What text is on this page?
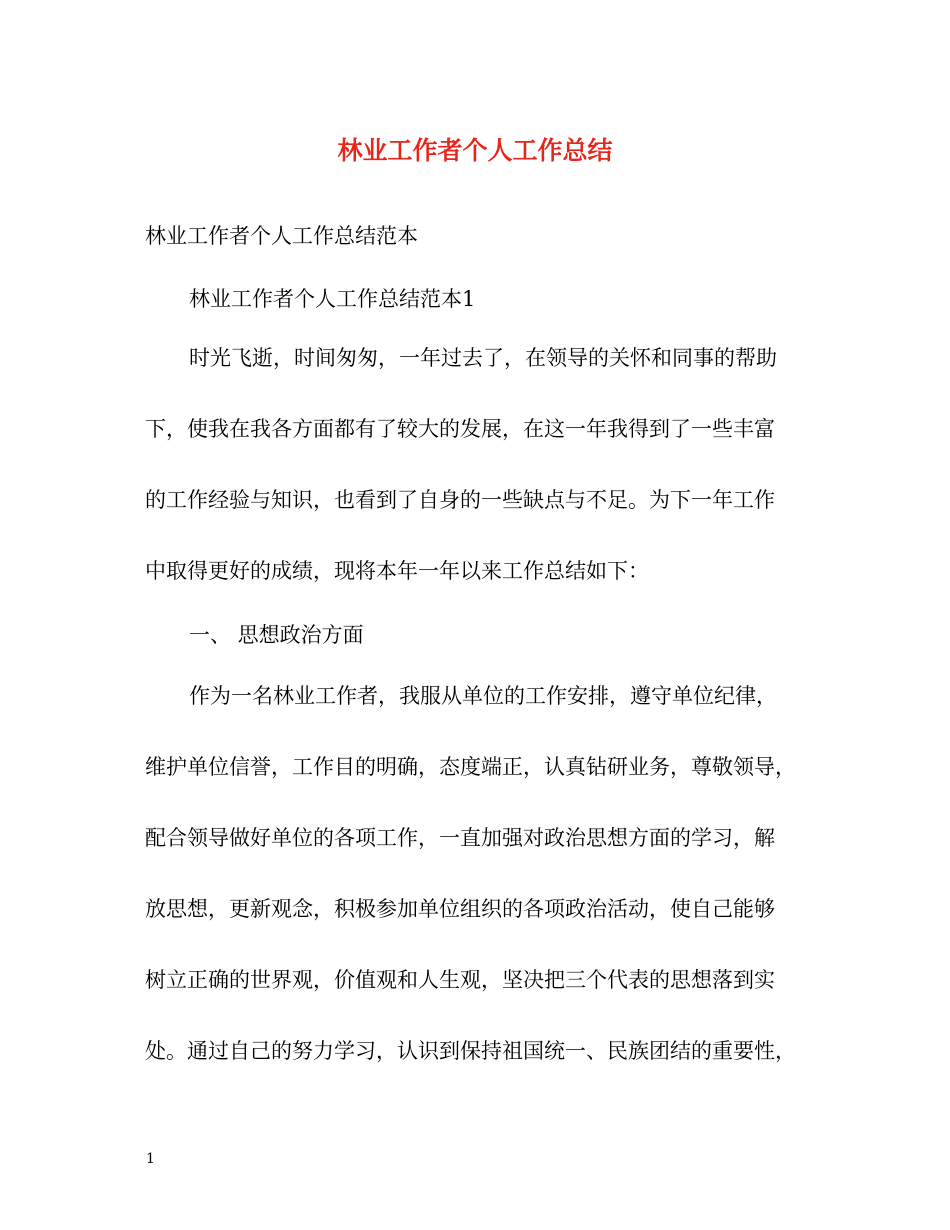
林业工作者个人工作总结

林业工作者个人工作总结范本

林业工作者个人工作总结范本1

时光飞逝，时间匆匆，一年过去了，在领导的关怀和同事的帮助

下，使我在我各方面都有了较大的发展，在这一年我得到了一些丰富

的工作经验与知识，也看到了自身的一些缺点与不足。为下一年工作

中取得更好的成绩，现将本年一年以来工作总结如下：

一、 思想政治方面

作为一名林业工作者，我服从单位的工作安排，遵守单位纪律，

维护单位信誉，工作目的明确，态度端正，认真钻研业务，尊敬领导，

配合领导做好单位的各项工作，一直加强对政治思想方面的学习，解

放思想，更新观念，积极参加单位组织的各项政治活动，使自己能够

树立正确的世界观，价值观和人生观，坚决把三个代表的思想落到实

处。通过自己的努力学习，认识到保持祖国统一、民族团结的重要性，

1
